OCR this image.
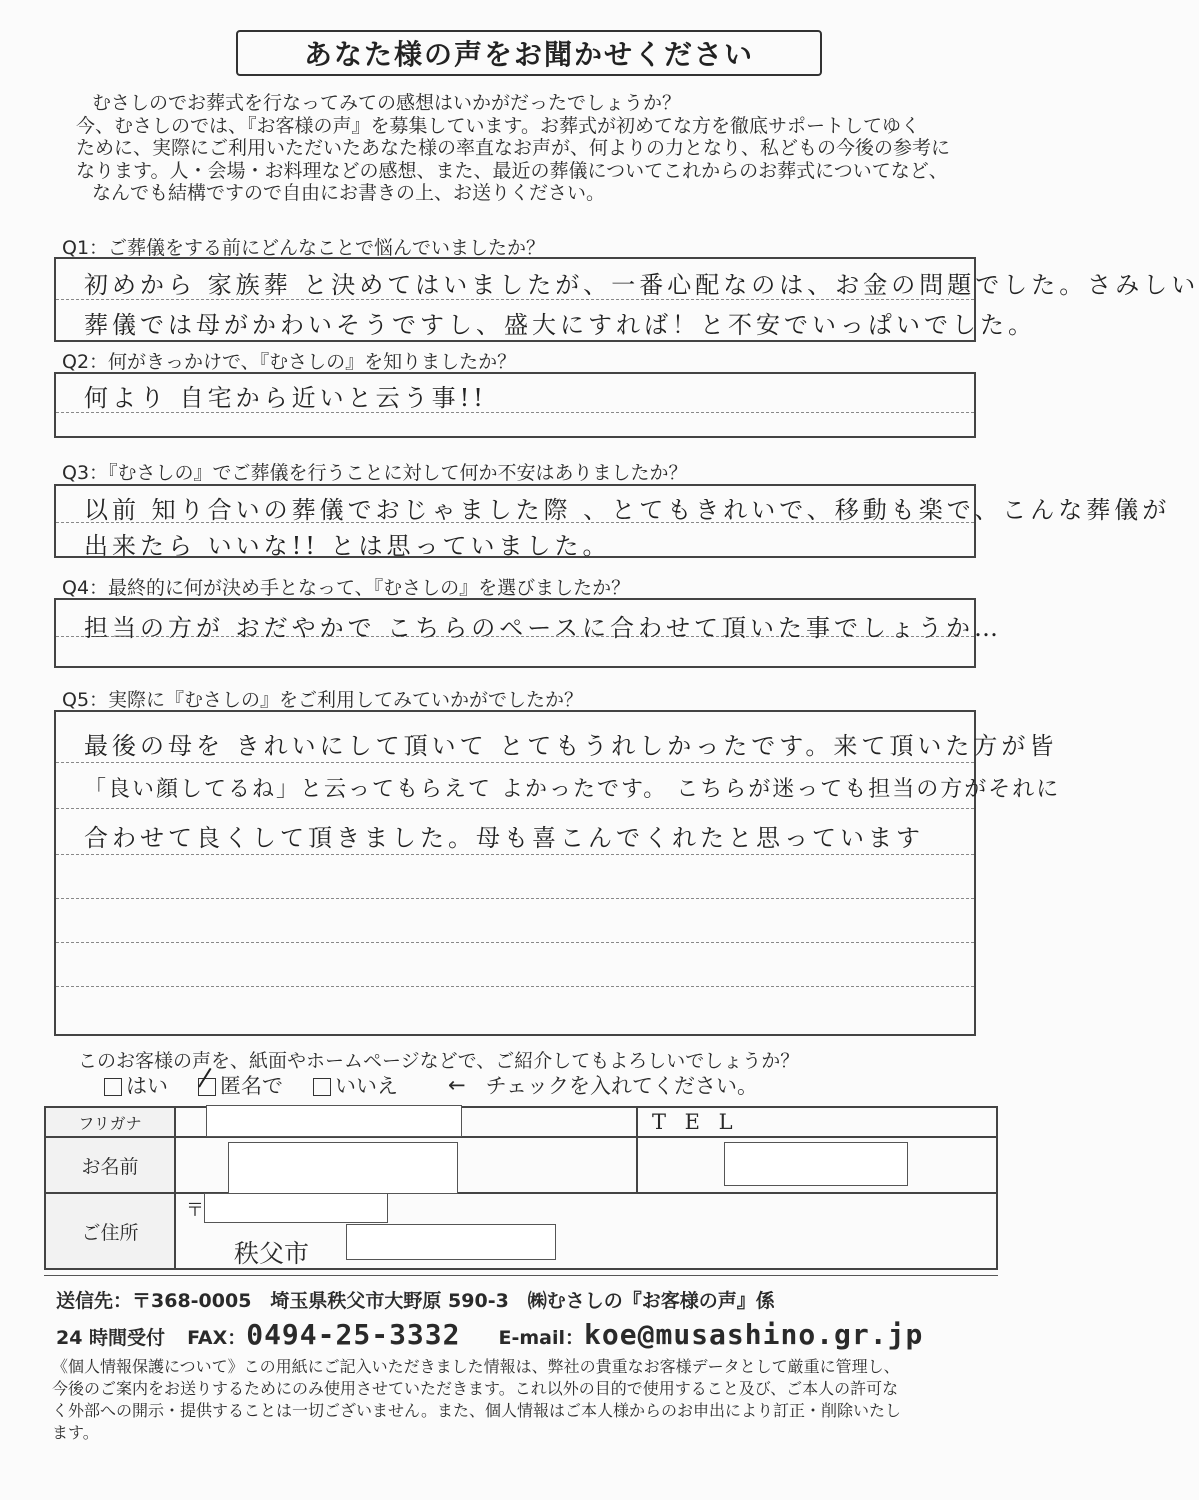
あなた様の声をお聞かせください
むさしのでお葬式を行なってみての感想はいかがだったでしょうか？
今、むさしのでは、『お客様の声』を募集しています。お葬式が初めてな方を徹底サポートしてゆく
ために、実際にご利用いただいたあなた様の率直なお声が、何よりの力となり、私どもの今後の参考に
なります。人・会場・お料理などの感想、また、最近の葬儀についてこれからのお葬式についてなど、
なんでも結構ですので自由にお書きの上、お送りください。
Q1：ご葬儀をする前にどんなことで悩んでいましたか？
初めから 家族葬 と決めてはいましたが、一番心配なのは、お金の問題でした。さみしい
葬儀では母がかわいそうですし、盛大にすれば！と不安でいっぱいでした。
Q2：何がきっかけで、『むさしの』を知りましたか？
何より 自宅から近いと云う事!!
Q3：『むさしの』でご葬儀を行うことに対して何か不安はありましたか？
以前 知り合いの葬儀でおじゃました際 、とてもきれいで、移動も楽で、こんな葬儀が
出来たら いいな!! とは思っていました。
Q4：最終的に何が決め手となって、『むさしの』を選びましたか？
担当の方が おだやかで こちらのペースに合わせて頂いた事でしょうか…
Q5：実際に『むさしの』をご利用してみていかがでしたか？
最後の母を きれいにして頂いて とてもうれしかったです。来て頂いた方が皆
「良い顔してるね」と云ってもらえて よかったです。 こちらが迷っても担当の方がそれに
合わせて良くして頂きました。母も喜こんでくれたと思っています
このお客様の声を、紙面やホームページなどで、ご紹介してもよろしいでしょうか？
はい 匿名で いいえ ← チェックを入れてください。
フリガナ		T E L
お名前		
ご住所	〒
秩父市	
送信先：〒368-0005　埼玉県秩父市大野原 590-3　㈱むさしの『お客様の声』係
24 時間受付 FAX： 0494-25-3332 E-mail： koe@musashino.gr.jp
《個人情報保護について》この用紙にご記入いただきました情報は、弊社の貴重なお客様データとして厳重に管理し、
今後のご案内をお送りするためにのみ使用させていただきます。これ以外の目的で使用すること及び、ご本人の許可な
く外部への開示・提供することは一切ございません。また、個人情報はご本人様からのお申出により訂正・削除いたし
ます。
